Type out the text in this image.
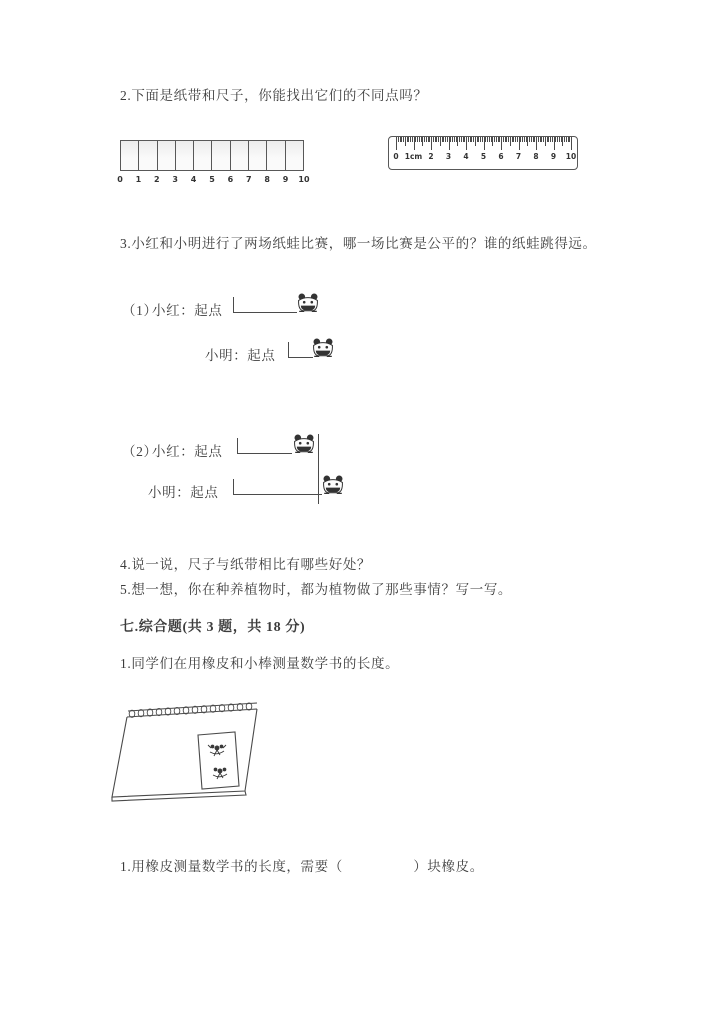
2.下面是纸带和尺子，你能找出它们的不同点吗？
0 1 2 3 4 5 6 7 8 9 10
0 1cm 2 3 4 5 6 7 8 9 10
3.小红和小明进行了两场纸蛙比赛，哪一场比赛是公平的？谁的纸蛙跳得远。
（1）
小红：起点
小明：起点
（2）
小红：起点
小明：起点
4.说一说，尺子与纸带相比有哪些好处？
5.想一想，你在种养植物时，都为植物做了那些事情？写一写。
七.综合题(共 3 题，共 18 分)
1.同学们在用橡皮和小棒测量数学书的长度。
1.用橡皮测量数学书的长度，需要（　　　　　）块橡皮。
